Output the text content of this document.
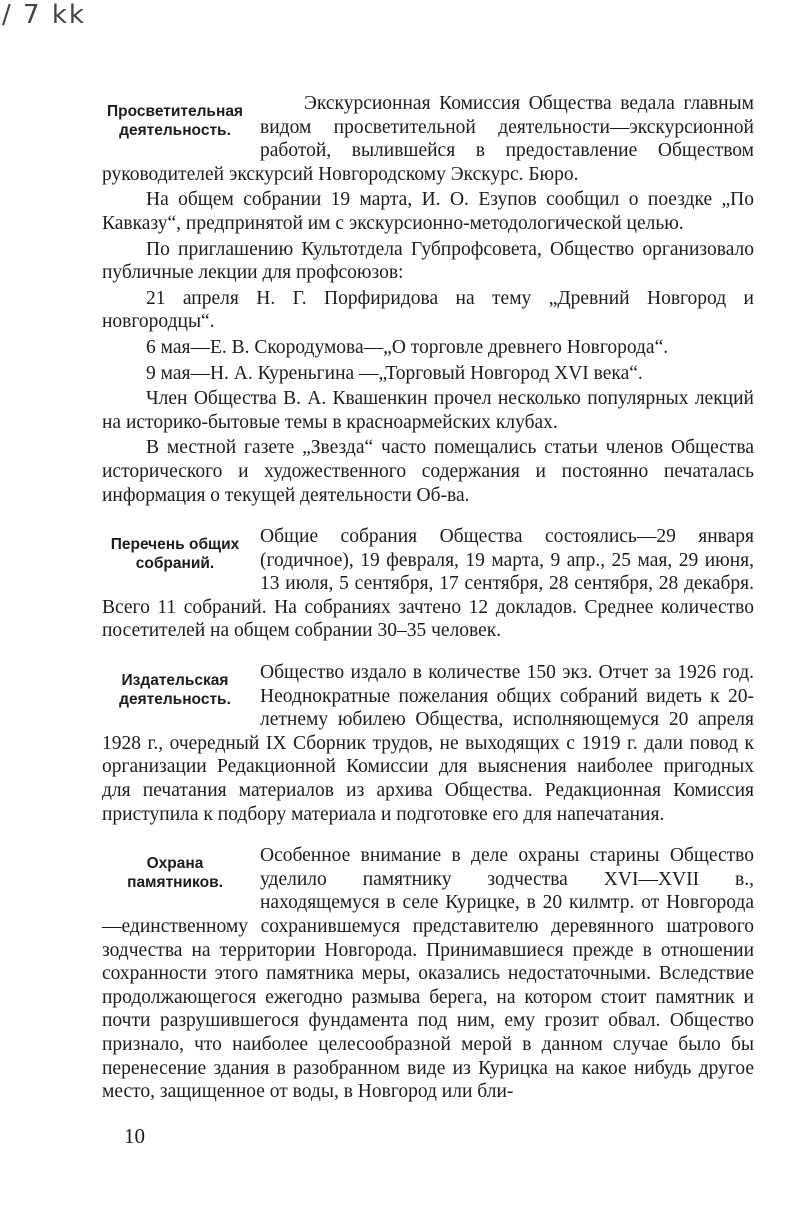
/ 7 kk
Просветительная деятельность.

Экскурсионная Комиссия Общества ведала главным видом просветительной деятельности—экскурсионной работой, вылившейся в предоставление Обществом руководителей экскурсий Новгородскому Экскурс. Бюро.

На общем собрании 19 марта, И. О. Езупов сообщил о поездке „По Кавказу“, предпринятой им с экскурсионно-методологической целью.

По приглашению Культотдела Губпрофсовета, Общество организовало публичные лекции для профсоюзов:

21 апреля Н. Г. Порфиридова на тему „Древний Новгород и новгородцы“.

6 мая—Е. В. Скородумова—„О торговле древнего Новгорода“.

9 мая—Н. А. Куреньгина —„Торговый Новгород XVI века“.

Член Общества В. А. Квашенкин прочел несколько популярных лекций на историко-бытовые темы в красноармейских клубах.

В местной газете „Звезда“ часто помещались статьи членов Общества исторического и художественного содержания и постоянно печаталась информация о текущей деятельности Об-ва.

Перечень общих собраний.

Общие собрания Общества состоялись—29 января (годичное), 19 февраля, 19 марта, 9 апр., 25 мая, 29 июня, 13 июля, 5 сентября, 17 сентября, 28 сентября, 28 декабря. Всего 11 собраний. На собраниях зачтено 12 докладов. Среднее количество посетителей на общем собрании 30–35 человек.

Издательская деятельность.

Общество издало в количестве 150 экз. Отчет за 1926 год. Неоднократные пожелания общих собраний видеть к 20-летнему юбилею Общества, исполняющемуся 20 апреля 1928 г., очередный IX Сборник трудов, не выходящих с 1919 г. дали повод к организации Редакционной Комиссии для выяснения наиболее пригодных для печатания материалов из архива Общества. Редакционная Комиссия приступила к подбору материала и подготовке его для напечатания.

Охрана памятников.

Особенное внимание в деле охраны старины Общество уделило памятнику зодчества XVI—XVII в., находящемуся в селе Курицке, в 20 килмтр. от Новгорода—единственному сохранившемуся представителю деревянного шатрового зодчества на территории Новгорода. Принимавшиеся прежде в отношении сохранности этого памятника меры, оказались недостаточными. Вследствие продолжающегося ежегодно размыва берега, на котором стоит памятник и почти разрушившегося фундамента под ним, ему грозит обвал. Общество признало, что наиболее целесообразной мерой в данном случае было бы перенесение здания в разобранном виде из Курицка на какое нибудь другое место, защищенное от воды, в Новгород или бли-

10
